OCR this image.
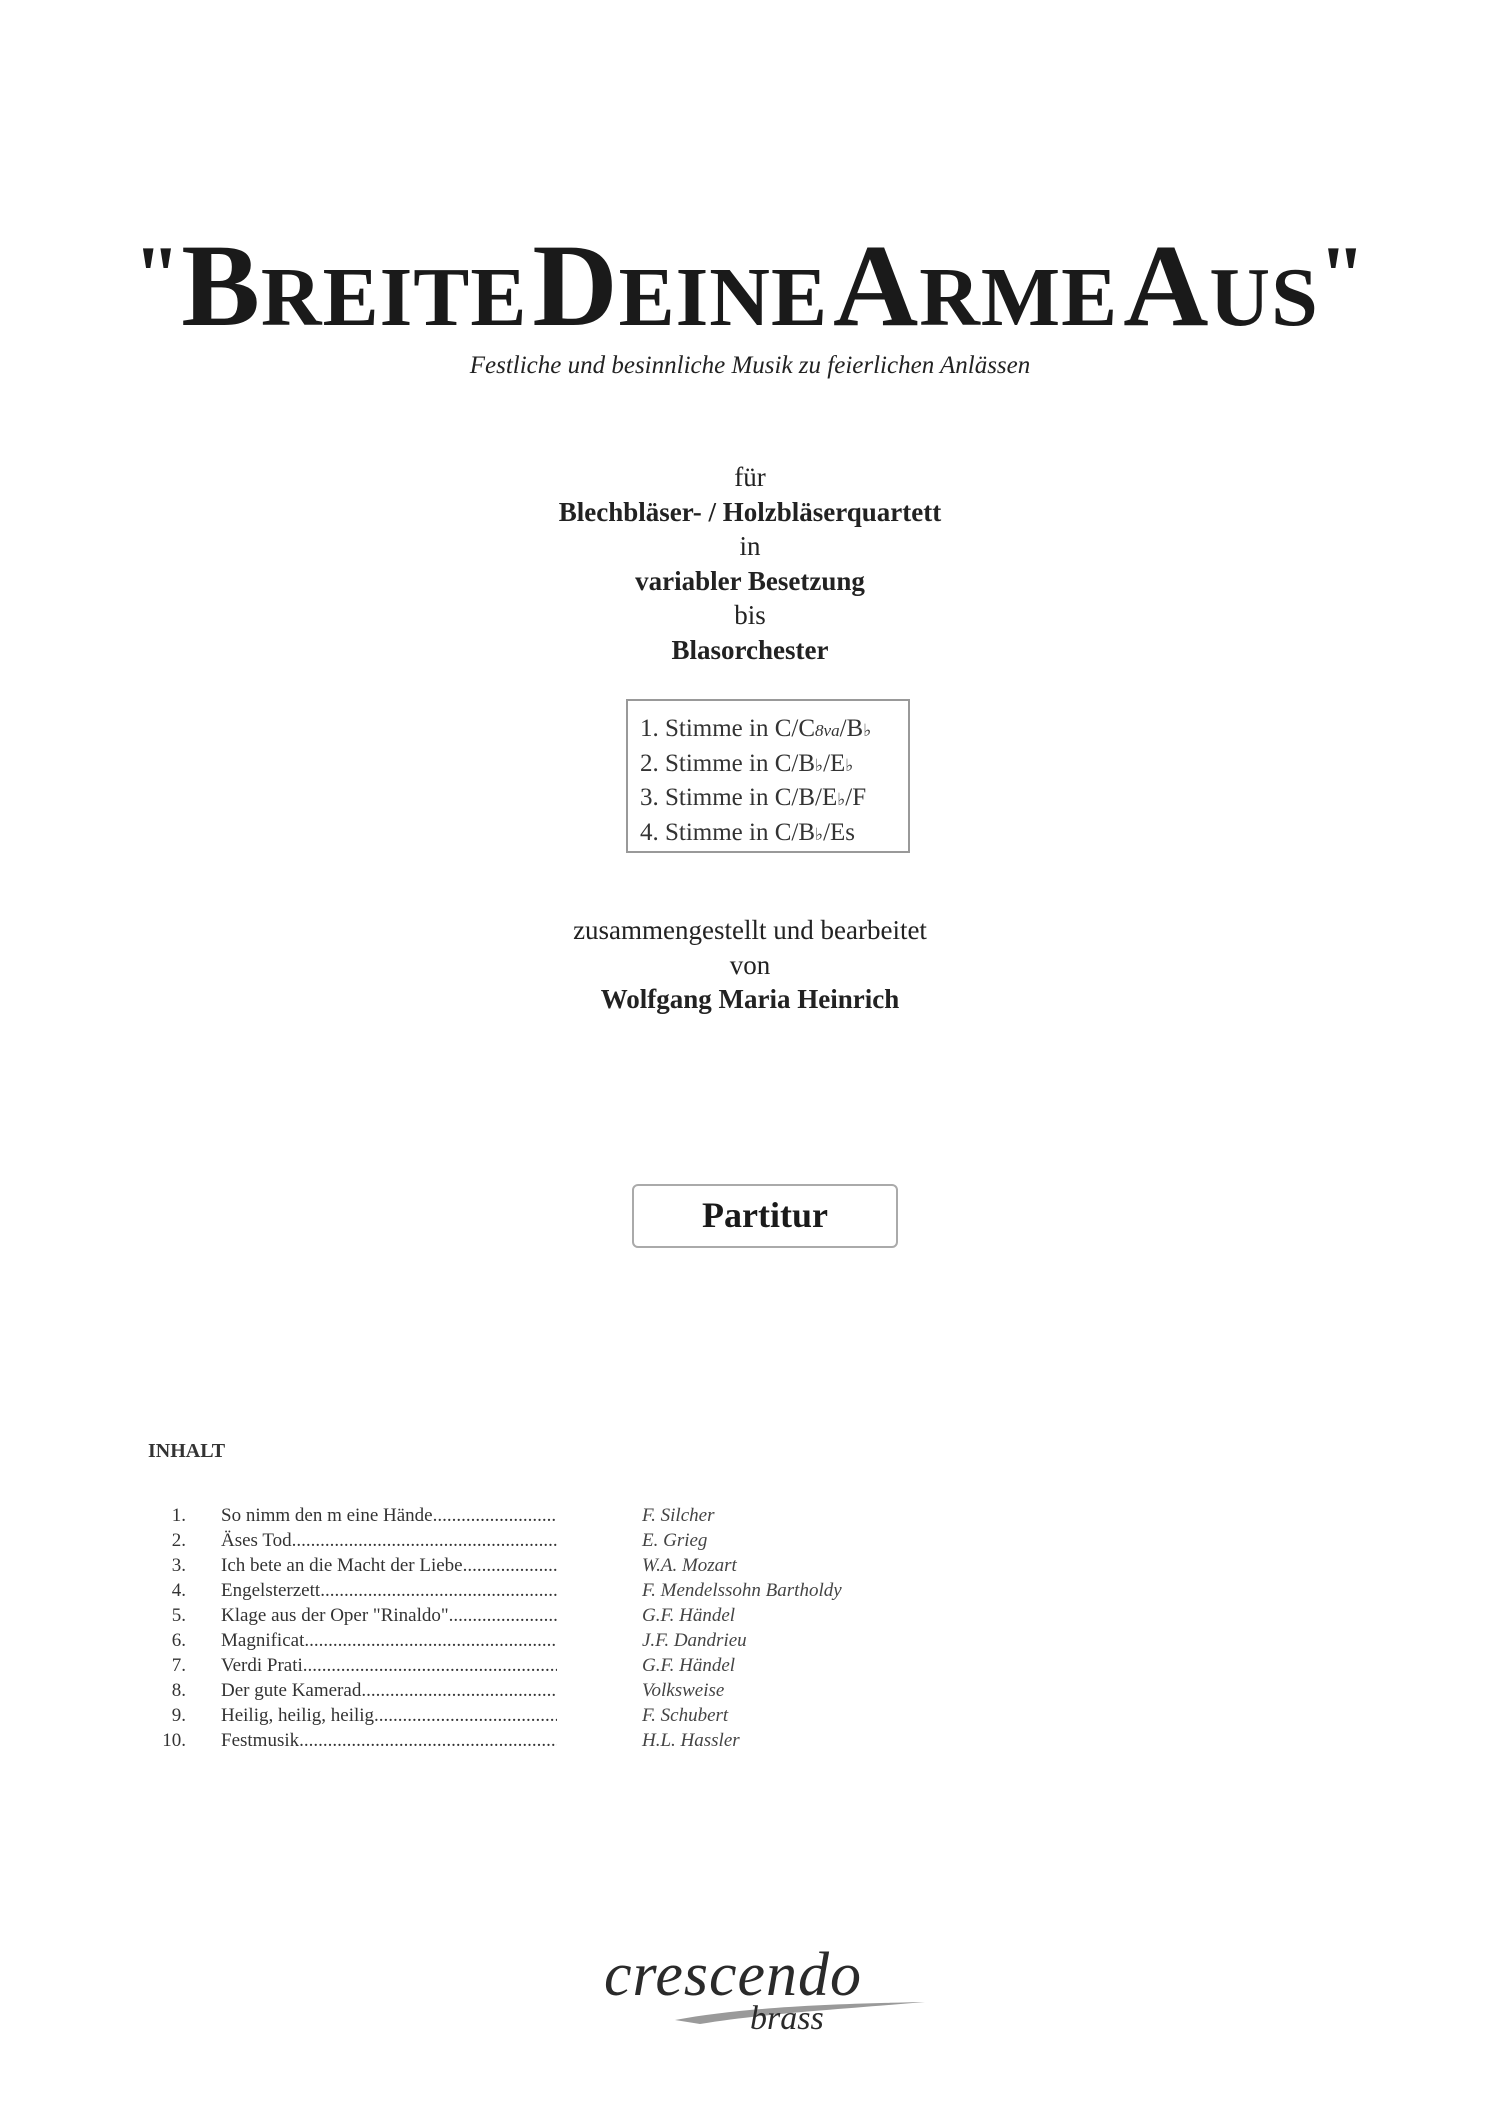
"BREITE DEINE ARME AUS"
Festliche und besinnliche Musik zu feierlichen Anlässen
für
Blechbläser- / Holzbläserquartett
in
variabler Besetzung
bis
Blasorchester
1. Stimme in C/C8va/B♭
2. Stimme in C/B♭/E♭
3. Stimme in C/B/E♭/F
4. Stimme in C/B♭/Es
zusammengestellt und bearbeitet
von
Wolfgang Maria Heinrich
Partitur
INHALT
1. So nimm den m eine Hände .....	F. Silcher
2. Äses Tod .....	E. Grieg
3. Ich bete an die Macht der Liebe .....	W.A. Mozart
4. Engelsterzett .....	F. Mendelssohn Bartholdy
5. Klage aus der Oper "Rinaldo" .....	G.F. Händel
6. Magnificat .....	J.F. Dandrieu
7. Verdi Prati .....	G.F. Händel
8. Der gute Kamerad .....	Volksweise
9. Heilig, heilig, heilig .....	F. Schubert
10. Festmusik .....	H.L. Hassler
crescendo
brass
